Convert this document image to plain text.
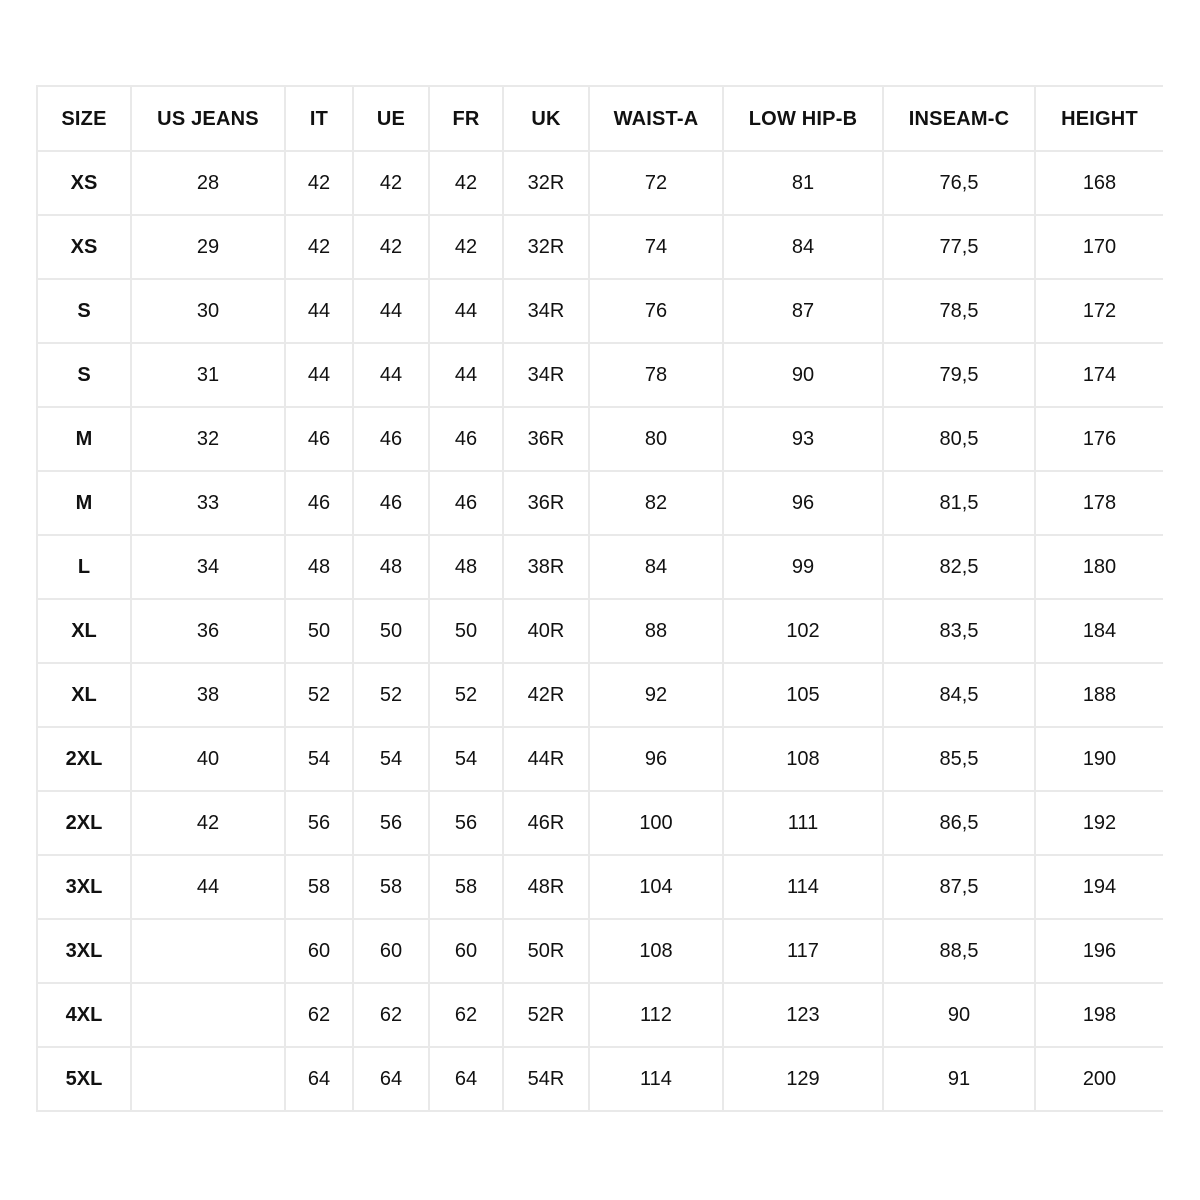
SIZE	US JEANS	IT	UE	FR	UK	WAIST-A	LOW HIP-B	INSEAM-C	HEIGHT
XS	28	42	42	42	32R	72	81	76,5	168
XS	29	42	42	42	32R	74	84	77,5	170
S	30	44	44	44	34R	76	87	78,5	172
S	31	44	44	44	34R	78	90	79,5	174
M	32	46	46	46	36R	80	93	80,5	176
M	33	46	46	46	36R	82	96	81,5	178
L	34	48	48	48	38R	84	99	82,5	180
XL	36	50	50	50	40R	88	102	83,5	184
XL	38	52	52	52	42R	92	105	84,5	188
2XL	40	54	54	54	44R	96	108	85,5	190
2XL	42	56	56	56	46R	100	111	86,5	192
3XL	44	58	58	58	48R	104	114	87,5	194
3XL		60	60	60	50R	108	117	88,5	196
4XL		62	62	62	52R	112	123	90	198
5XL		64	64	64	54R	114	129	91	200
